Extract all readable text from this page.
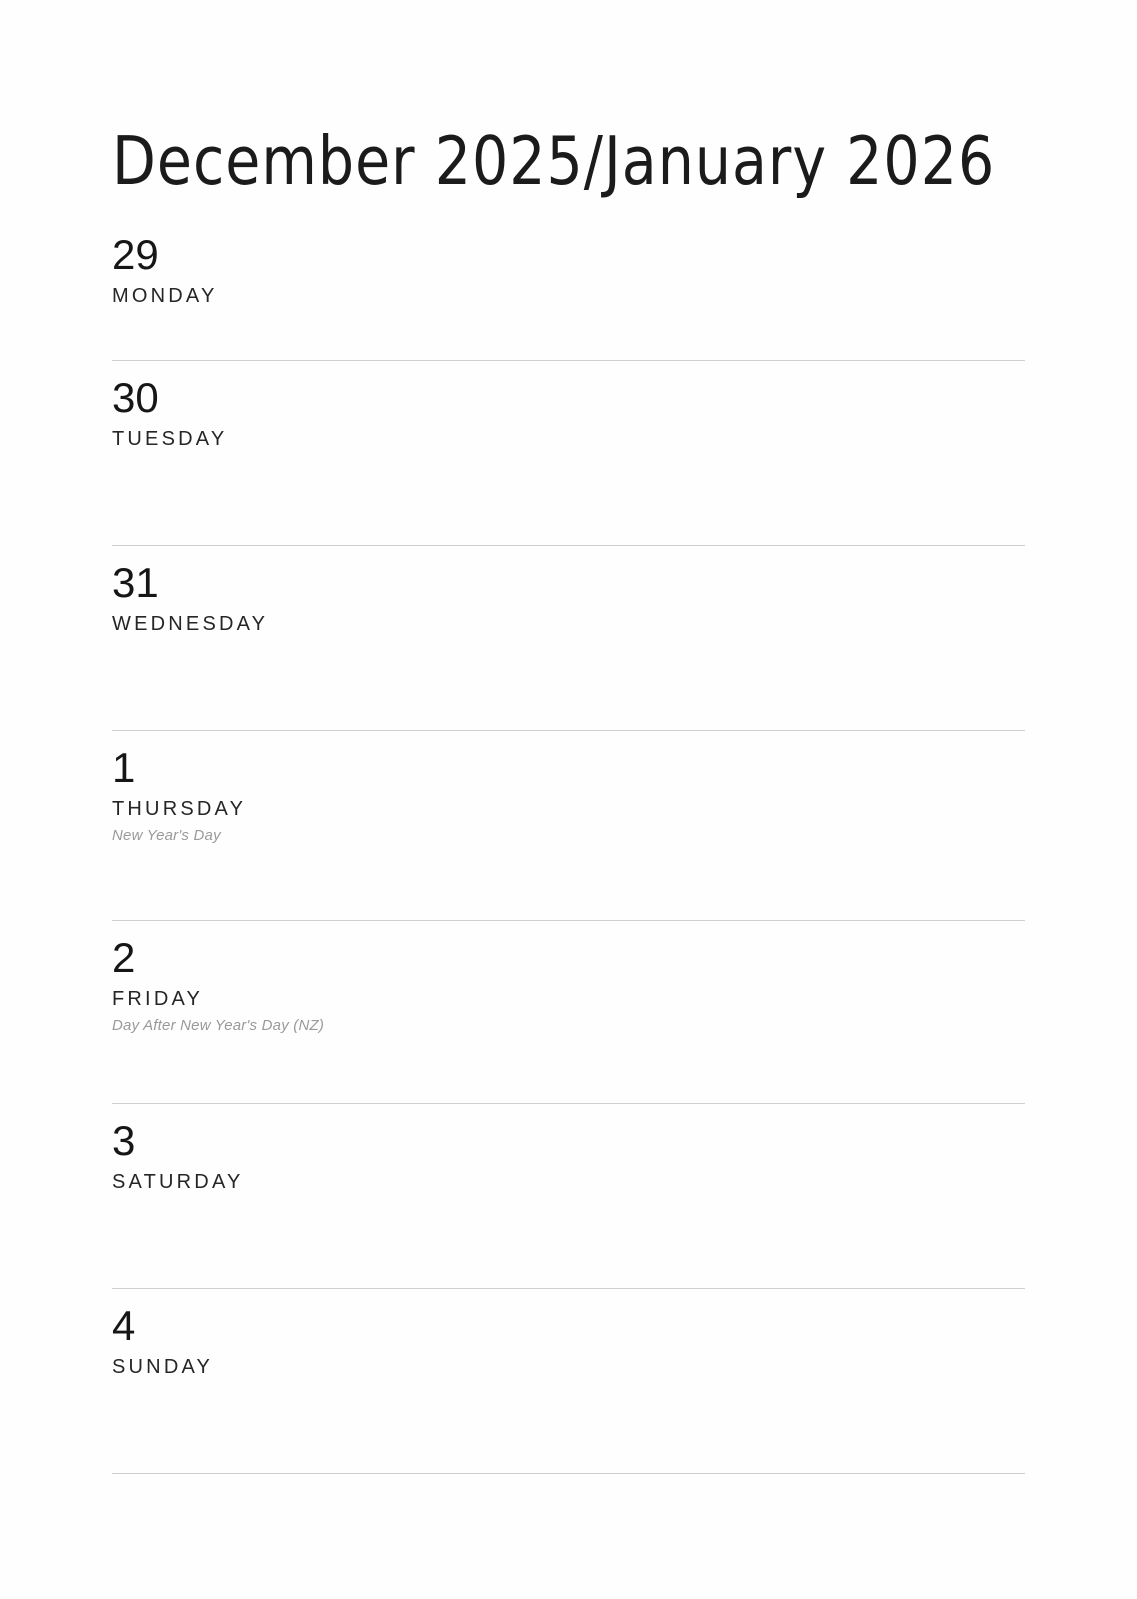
December 2025/January 2026
29
MONDAY
30
TUESDAY
31
WEDNESDAY
1
THURSDAY
New Year's Day
2
FRIDAY
Day After New Year's Day (NZ)
3
SATURDAY
4
SUNDAY
